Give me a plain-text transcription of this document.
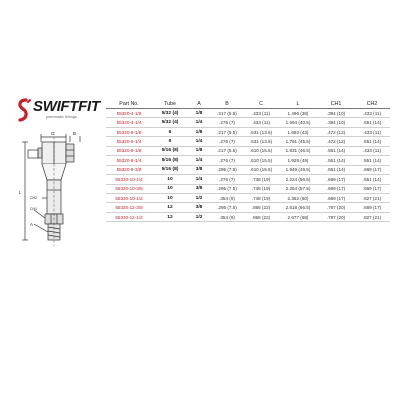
SWIFTFIT
pneumatic fittings
C	B
L
CH2
CH1
A
Part No.	Tube	A	B	C	L	CH1	CH2
55320-4-1/8	5/32 (4)	1/8	.217 (5.5)	.433 (11)	1.496 (38)	.394 (10)	.433 (11)
55320-4-1/4	5/32 (4)	1/4	.276 (7)	.433 (11)	1.594 (40.5)	.394 (10)	.551 (14)
55320-6-1/8	6	1/8	.217 (5.5)	.531 (13.5)	1.693 (43)	.472 (12)	.433 (11)
55320-6-1/4	6	1/4	.276 (7)	.531 (13.5)	1.791 (45.5)	.472 (12)	.551 (14)
55320-8-1/8	5/16 (8)	1/8	.217 (5.5)	.610 (15.5)	1.831 (46.5)	.551 (14)	.433 (11)
55320-8-1/4	5/16 (8)	1/4	.276 (7)	.610 (15.5)	1.929 (49)	.551 (14)	.551 (14)
55320-8-3/8	5/16 (8)	3/8	.295 (7.5)	.610 (15.5)	1.949 (49.5)	.551 (14)	.669 (17)
55320-10-1/4	10	1/4	.276 (7)	.748 (19)	2.224 (56.5)	.669 (17)	.551 (14)
55320-10-3/8	10	3/8	.295 (7.5)	.748 (19)	2.264 (57.5)	.669 (17)	.669 (17)
55320-10-1/2	10	1/2	.354 (9)	.748 (19)	2.362 (60)	.669 (17)	.827 (21)
55320-12-3/8	12	3/8	.295 (7.5)	.866 (22)	2.618 (66.5)	.787 (20)	.669 (17)
55320-12-1/2	12	1/2	.354 (9)	.866 (22)	2.677 (68)	.787 (20)	.827 (21)
